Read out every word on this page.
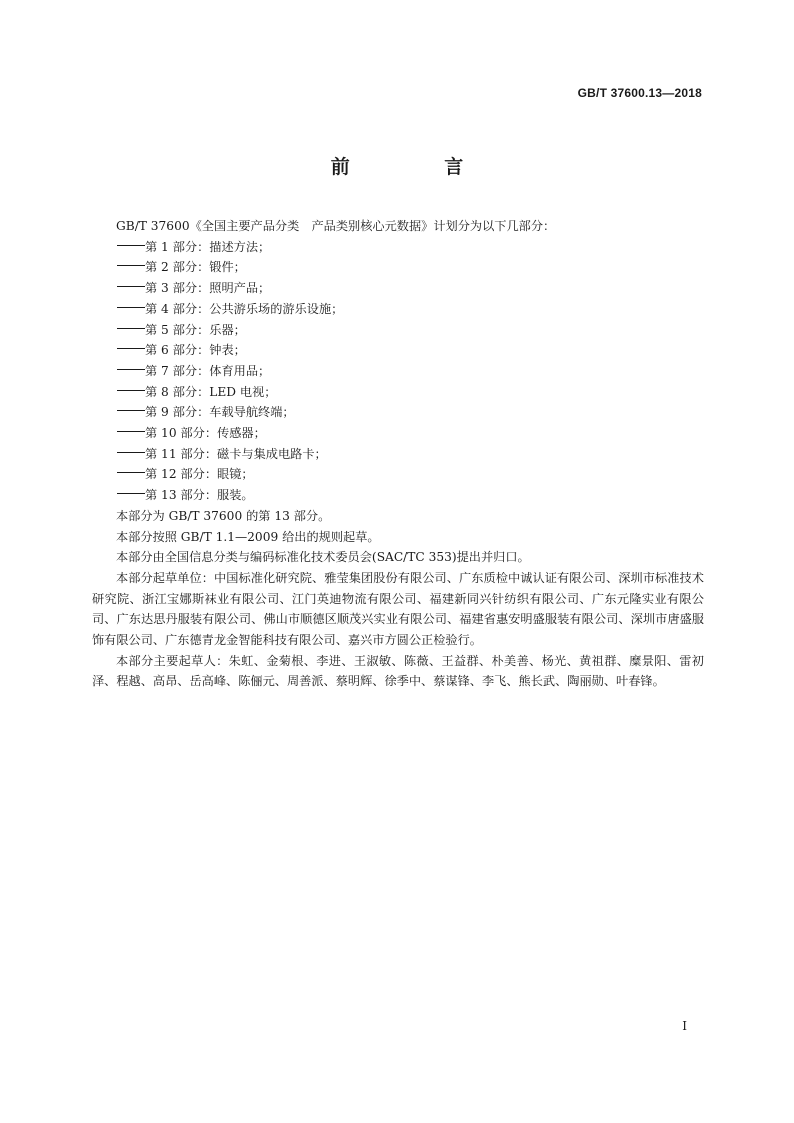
GB/T 37600.13—2018
前 言

GB/T 37600《全国主要产品分类　产品类别核心元数据》计划分为以下几部分：

第 1 部分：描述方法；
第 2 部分：锻件；
第 3 部分：照明产品；
第 4 部分：公共游乐场的游乐设施；
第 5 部分：乐器；
第 6 部分：钟表；
第 7 部分：体育用品；
第 8 部分：LED 电视；
第 9 部分：车载导航终端；
第 10 部分：传感器；
第 11 部分：磁卡与集成电路卡；
第 12 部分：眼镜；
第 13 部分：服装。

本部分为 GB/T 37600 的第 13 部分。

本部分按照 GB/T 1.1—2009 给出的规则起草。

本部分由全国信息分类与编码标准化技术委员会(SAC/TC 353)提出并归口。

本部分起草单位：中国标准化研究院、雅莹集团股份有限公司、广东质检中诚认证有限公司、深圳市标准技术研究院、浙江宝娜斯袜业有限公司、江门英迪物流有限公司、福建新同兴针纺织有限公司、广东元隆实业有限公司、广东达思丹服装有限公司、佛山市顺德区顺茂兴实业有限公司、福建省惠安明盛服装有限公司、深圳市唐盛服饰有限公司、广东德青龙金智能科技有限公司、嘉兴市方圆公正检验行。

本部分主要起草人：朱虹、金菊根、李进、王淑敏、陈薇、王益群、朴美善、杨光、黄祖群、糜景阳、雷初泽、程越、高昂、岳高峰、陈俪元、周善派、蔡明辉、徐季中、蔡谋锋、李飞、熊长武、陶丽勋、叶春锋。

I
